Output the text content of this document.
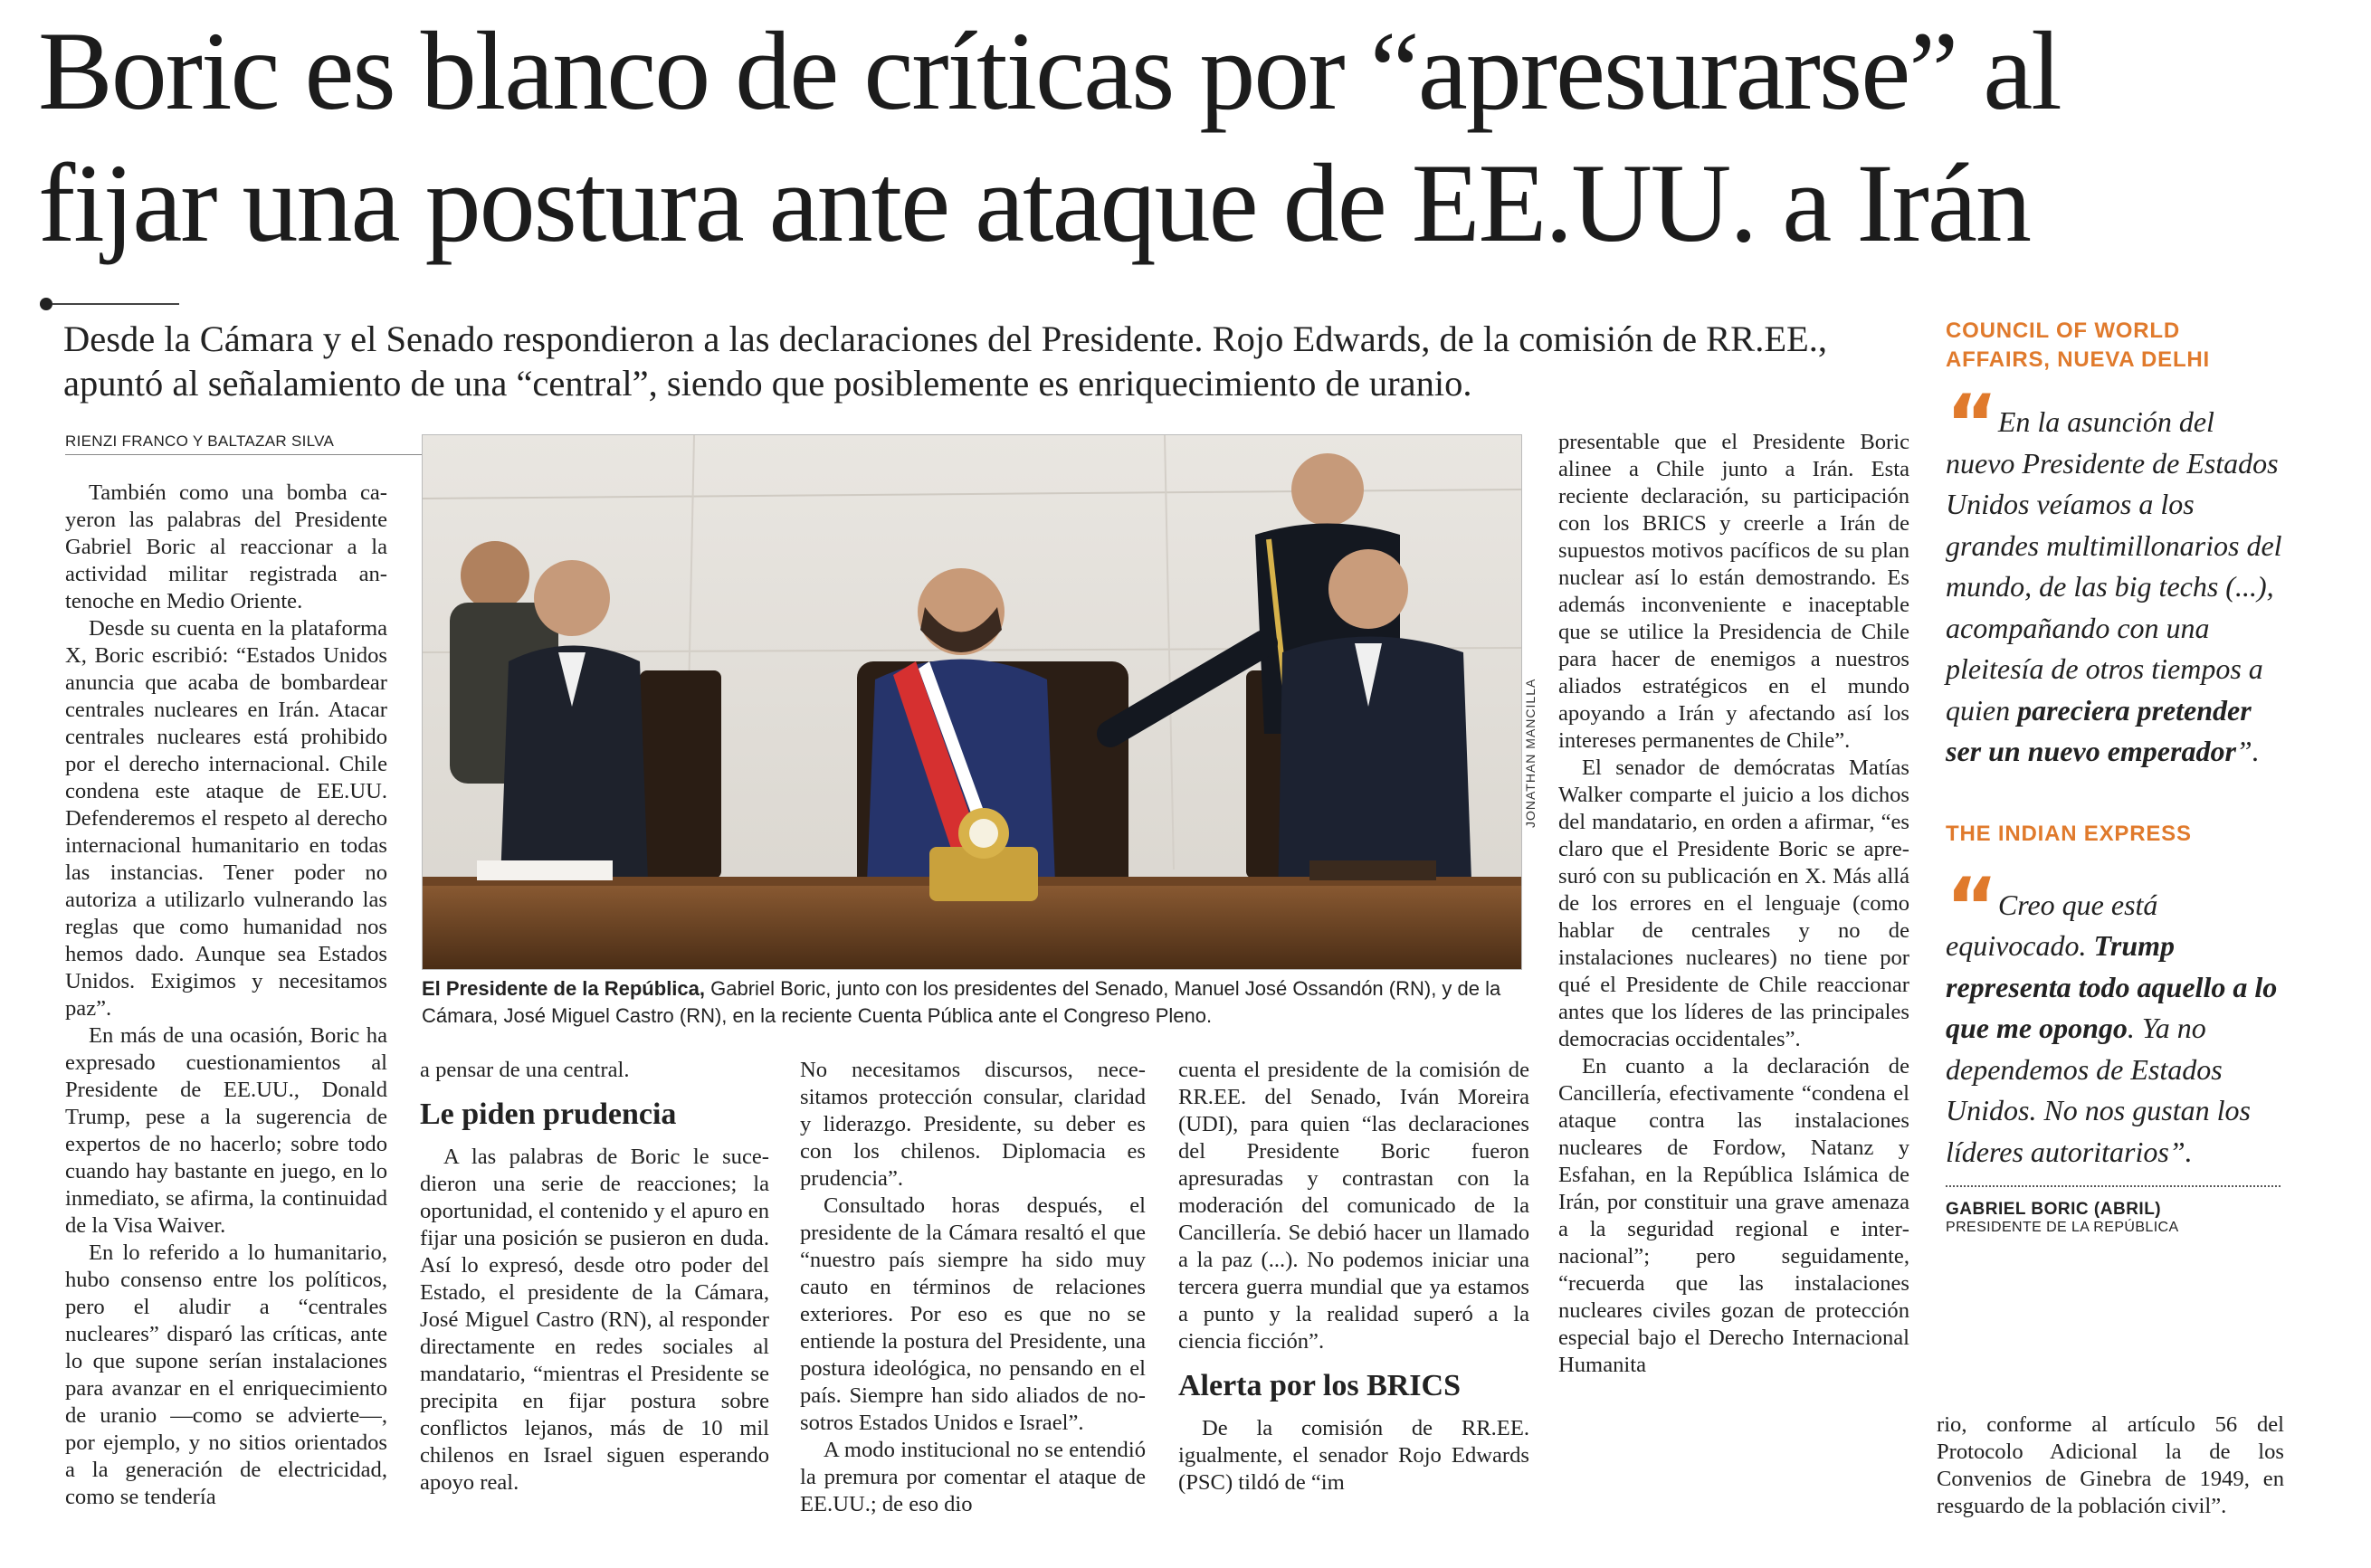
Boric es blanco de críticas por “apresurarse” al
fijar una postura ante ataque de EE.UU. a Irán

Desde la Cámara y el Senado respondieron a las declaraciones del Presidente. Rojo Edwards, de la comisión de RR.EE., apuntó al señalamiento de una “central”, siendo que posiblemente es enriquecimiento de uranio.

RIENZI FRANCO Y BALTAZAR SILVA

También como una bomba cayeron las palabras del Presidente Gabriel Boric al reaccionar a la actividad militar registrada antenoche en Medio Oriente.

Desde su cuenta en la plataforma X, Boric escribió: “Estados Unidos anuncia que acaba de bombardear centrales nucleares en Irán. Atacar centrales nucleares está prohibido por el derecho internacional. Chile condena este ataque de EE.UU. Defenderemos el respeto al derecho internacional humanitario en todas las instancias. Tener poder no autoriza a utilizarlo vulnerando las reglas que como humanidad nos hemos dado. Aunque sea Estados Unidos. Exigimos y necesitamos paz”.

En más de una ocasión, Boric ha expresado cuestionamientos al Presidente de EE.UU., Donald Trump, pese a la sugerencia de expertos de no hacerlo; sobre todo cuando hay bastante en juego, en lo inmediato, se afirma, la continuidad de la Visa Waiver.

En lo referido a lo humanitario, hubo consenso entre los políticos, pero el aludir a “centrales nucleares” disparó las críticas, ante lo que supone serían instalaciones para avanzar en el enriquecimiento de uranio —como se advierte—, por ejemplo, y no sitios orientados a la generación de electricidad, como se tendería

JONATHAN MANCILLA
El Presidente de la República, Gabriel Boric, junto con los presidentes del Senado, Manuel José Ossandón (RN), y de la Cámara, José Miguel Castro (RN), en la reciente Cuenta Pública ante el Congreso Pleno.

a pensar de una central.

Le piden prudencia

A las palabras de Boric le sucedieron una serie de reacciones; la oportunidad, el contenido y el apuro en fijar una posición se pusieron en duda. Así lo expresó, desde otro poder del Estado, el presidente de la Cámara, José Miguel Castro (RN), al responder directamente en redes sociales al mandatario, “mientras el Presidente se precipita en fijar postura sobre conflictos lejanos, más de 10 mil chilenos en Israel siguen esperando apoyo real.

No necesitamos discursos, necesitamos protección consular, claridad y liderazgo. Presidente, su deber es con los chilenos. Diplomacia es prudencia”.

Consultado horas después, el presidente de la Cámara resaltó el que “nuestro país siempre ha sido muy cauto en términos de relaciones exteriores. Por eso es que no se entiende la postura del Presidente, una postura ideológica, no pensando en el país. Siempre han sido aliados de nosotros Estados Unidos e Israel”.

A modo institucional no se entendió la premura por comentar el ataque de EE.UU.; de eso dio

cuenta el presidente de la comisión de RR.EE. del Senado, Iván Moreira (UDI), para quien “las declaraciones del Presidente Boric fueron apresuradas y contrastan con la moderación del comunicado de la Cancillería. Se debió hacer un llamado a la paz (...). No podemos iniciar una tercera guerra mundial que ya estamos a punto y la realidad superó a la ciencia ficción”.

Alerta por los BRICS

De la comisión de RR.EE. igualmente, el senador Rojo Edwards (PSC) tildó de “im

presentable que el Presidente Boric alinee a Chile junto a Irán. Esta reciente declaración, su participación con los BRICS y creerle a Irán de supuestos motivos pacíficos de su plan nuclear así lo están demostrando. Es además inconveniente e inaceptable que se utilice la Presidencia de Chile para hacer de enemigos a nuestros aliados estratégicos en el mundo apoyando a Irán y afectando así los intereses permanentes de Chile”.

El senador de demócratas Matías Walker comparte el juicio a los dichos del mandatario, en orden a afirmar, “es claro que el Presidente Boric se apresuró con su publicación en X. Más allá de los errores en el lenguaje (como hablar de centrales y no de instalaciones nucleares) no tiene por qué el Presidente de Chile reaccionar antes que los líderes de las principales democracias occidentales”.

En cuanto a la declaración de Cancillería, efectivamente “condena el ataque contra las instalaciones nucleares de Fordow, Natanz y Esfahan, en la República Islámica de Irán, por constituir una grave amenaza a la seguridad regional e internacional”; pero seguidamente, “recuerda que las instalaciones nucleares civiles gozan de protección especial bajo el Derecho Internacional Humanita

COUNCIL OF WORLD AFFAIRS, NUEVA DELHI

“ En la asunción del nuevo Presidente de Estados Unidos veíamos a los grandes multimillonarios del mundo, de las big techs (...), acompañando con una pleitesía de otros tiempos a quien pareciera pretender ser un nuevo emperador”.

THE INDIAN EXPRESS

“ Creo que está equivocado. Trump representa todo aquello a lo que me opongo. Ya no dependemos de Estados Unidos. No nos gustan los líderes autoritarios”.

GABRIEL BORIC (ABRIL)
PRESIDENTE DE LA REPÚBLICA

rio, conforme al artículo 56 del Protocolo Adicional la de los Convenios de Ginebra de 1949, en resguardo de la población civil”.
